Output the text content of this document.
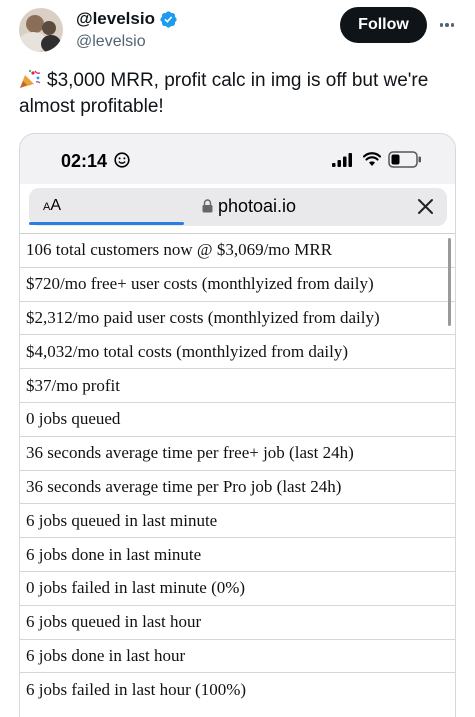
@levelsio
@levelsio
Follow
$3,000 MRR, profit calc in img is off but we're almost profitable!
02:14
AA	photoai.io
106 total customers now @ $3,069/mo MRR
$720/mo free+ user costs (monthlyized from daily)
$2,312/mo paid user costs (monthlyized from daily)
$4,032/mo total costs (monthlyized from daily)
$37/mo profit
0 jobs queued
36 seconds average time per free+ job (last 24h)
36 seconds average time per Pro job (last 24h)
6 jobs queued in last minute
6 jobs done in last minute
0 jobs failed in last minute (0%)
6 jobs queued in last hour
6 jobs done in last hour
6 jobs failed in last hour (100%)
